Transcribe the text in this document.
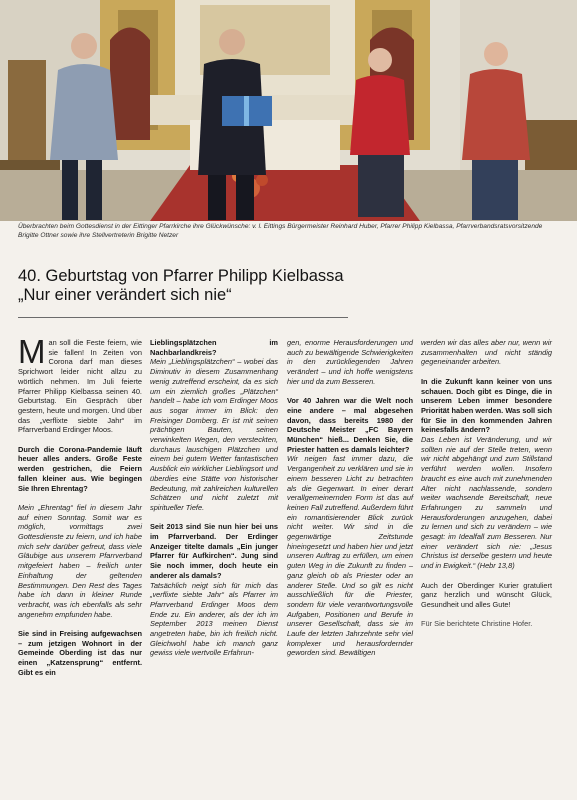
Überbrachten beim Gottesdienst in der Eittinger Pfarrkirche ihre Glückwünsche: v. l. Eittings Bürgermeister Reinhard Huber, Pfarrer Philipp Kielbassa, Pfarrverbandsratsvorsitzende Brigitte Ottner sowie ihre Stellvertreterin Brigitte Netzer
40. Geburtstag von Pfarrer Philipp Kielbassa
„Nur einer verändert sich nie“

Man soll die Feste feiern, wie sie fallen! In Zeiten von Corona darf man dieses Sprichwort leider nicht allzu zu wörtlich nehmen. Im Juli feierte Pfarrer Philipp Kielbassa seinen 40. Geburtstag. Ein Gespräch über gestern, heute und morgen. Und über das „verflixte siebte Jahr“ im Pfarrverband Erdinger Moos.

Durch die Corona-Pandemie läuft heuer alles anders. Große Feste werden gestrichen, die Feiern fallen kleiner aus. Wie begingen Sie Ihren Ehrentag?

Mein „Ehrentag“ fiel in diesem Jahr auf einen Sonntag. Somit war es möglich, vormittags zwei Gottesdienste zu feiern, und ich habe mich sehr darüber gefreut, dass viele Gläubige aus unserem Pfarrverband mitgefeiert haben – freilich unter Einhaltung der geltenden Bestimmungen. Den Rest des Tages habe ich dann in kleiner Runde verbracht, was ich ebenfalls als sehr angenehm empfunden habe.

Sie sind in Freising aufgewachsen – zum jetzigen Wohnort in der Gemeinde Oberding ist das nur einen „Katzensprung“ entfernt. Gibt es ein

Lieblingsplätzchen im Nachbarlandkreis?

Mein „Lieblingsplätzchen“ – wobei das Diminutiv in diesem Zusammenhang wenig zutreffend erscheint, da es sich um ein ziemlich großes „Plätzchen“ handelt – habe ich vom Erdinger Moos aus sogar immer im Blick: den Freisinger Domberg. Er ist mit seinen prächtigen Bauten, seinen verwinkelten Wegen, den versteckten, durchaus lauschigen Plätzchen und einem bei gutem Wetter fantastischen Ausblick ein wirklicher Lieblingsort und überdies eine Stätte von historischer Bedeutung, mit zahlreichen kulturellen Schätzen und nicht zuletzt mit spiritueller Tiefe.

Seit 2013 sind Sie nun hier bei uns im Pfarrverband. Der Erdinger Anzeiger titelte damals „Ein junger Pfarrer für Aufkirchen“. Jung sind Sie noch immer, doch heute ein anderer als damals?

Tatsächlich neigt sich für mich das „verflixte siebte Jahr“ als Pfarrer im Pfarrverband Erdinger Moos dem Ende zu. Ein anderer, als der ich im September 2013 meinen Dienst angetreten habe, bin ich freilich nicht. Gleichwohl habe ich manch ganz gewiss viele wertvolle Erfahrun-

gen, enorme Herausforderungen und auch zu bewältigende Schwierigkeiten in den zurückliegenden Jahren verändert – und ich hoffe wenigstens hier und da zum Besseren.

Vor 40 Jahren war die Welt noch eine andere – mal abgesehen davon, dass bereits 1980 der Deutsche Meister „FC Bayern München“ hieß... Denken Sie, die Priester hatten es damals leichter?

Wir neigen fast immer dazu, die Vergangenheit zu verklären und sie in einem besseren Licht zu betrachten als die Gegenwart. In einer derart verallgemeinernden Form ist das auf keinen Fall zutreffend. Außerdem führt ein romantisierender Blick zurück nicht weiter. Wir sind in die gegenwärtige Zeitstunde hineingesetzt und haben hier und jetzt unseren Auftrag zu erfüllen, um einen guten Weg in die Zukunft zu finden – ganz gleich ob als Priester oder an anderer Stelle. Und so gilt es nicht ausschließlich für die Priester, sondern für viele verantwortungsvolle Aufgaben, Positionen und Berufe in unserer Gesellschaft, dass sie im Laufe der letzten Jahrzehnte sehr viel komplexer und herausfordernder geworden sind. Bewältigen

werden wir das alles aber nur, wenn wir zusammenhalten und nicht ständig gegeneinander arbeiten.

In die Zukunft kann keiner von uns schauen. Doch gibt es Dinge, die in unserem Leben immer besondere Priorität haben werden. Was soll sich für Sie in den kommenden Jahren keinesfalls ändern?

Das Leben ist Veränderung, und wir sollten nie auf der Stelle treten, wenn wir nicht abgehängt und zum Stillstand verführt werden wollen. Insofern braucht es eine auch mit zunehmenden Alter nicht nachlassende, sondern weiter wachsende Bereitschaft, neue Erfahrungen zu sammeln und Herausforderungen anzugehen, dabei zu lernen und sich zu verändern – wie gesagt: im Idealfall zum Besseren. Nur einer verändert sich nie: „Jesus Christus ist derselbe gestern und heute und in Ewigkeit.“ (Hebr 13,8)

Auch der Oberdinger Kurier gratuliert ganz herzlich und wünscht Glück, Gesundheit und alles Gute!

Für Sie berichtete Christine Hofer.
